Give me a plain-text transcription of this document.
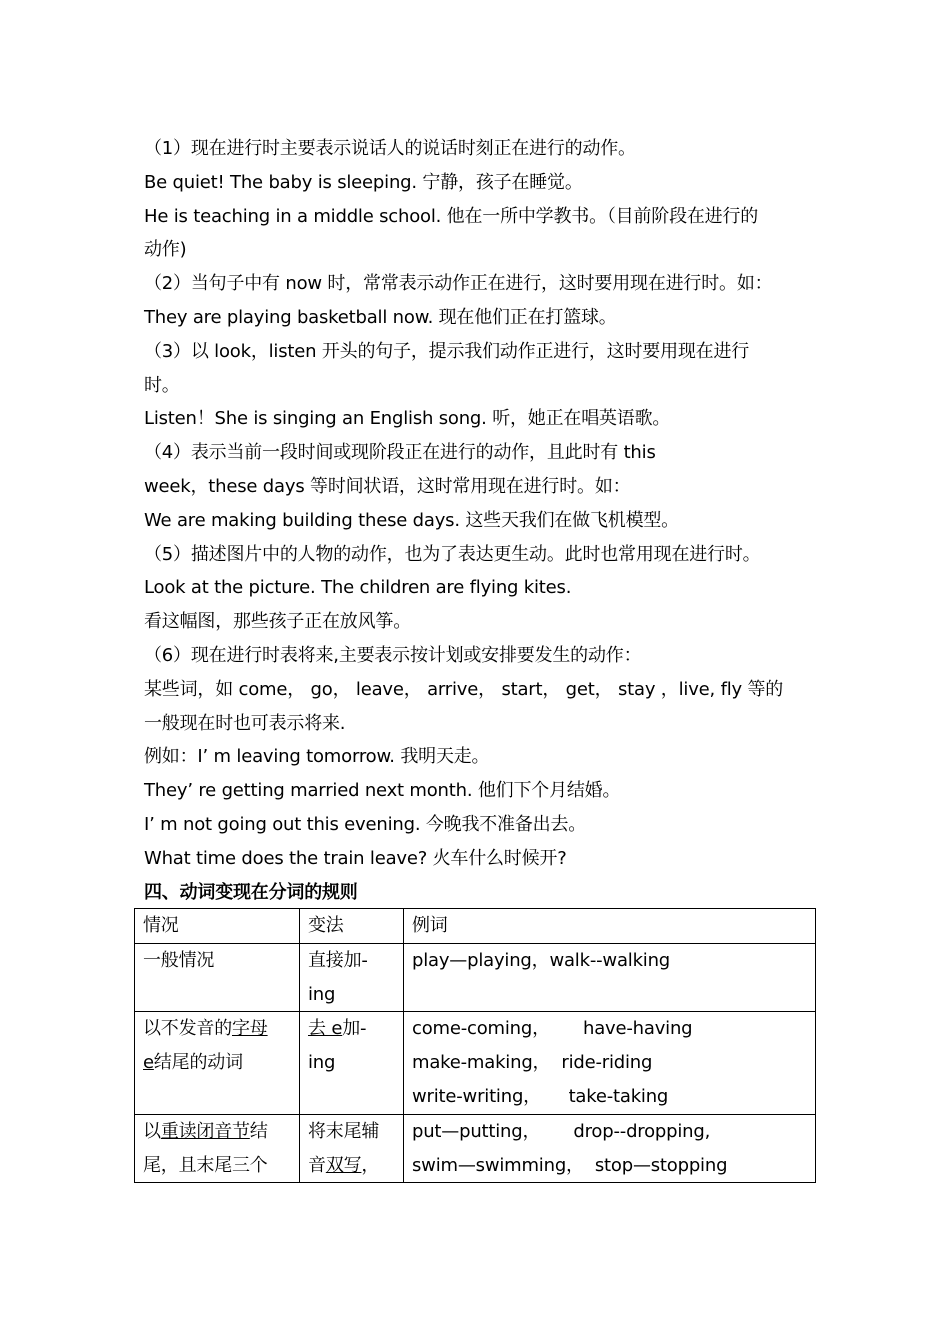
（1）现在进行时主要表示说话人的说话时刻正在进行的动作。
Be quiet! The baby is sleeping. 宁静，孩子在睡觉。
He is teaching in a middle school. 他在一所中学教书。（目前阶段在进行的
动作)
（2）当句子中有 now 时，常常表示动作正在进行，这时要用现在进行时。如：
They are playing basketball now. 现在他们正在打篮球。
（3）以 look，listen 开头的句子，提示我们动作正进行，这时要用现在进行
时。
Listen！She is singing an English song. 听，她正在唱英语歌。
（4）表示当前一段时间或现阶段正在进行的动作，且此时有 this
week，these days 等时间状语，这时常用现在进行时。如：
We are making building these days. 这些天我们在做飞机模型。
（5）描述图片中的人物的动作，也为了表达更生动。此时也常用现在进行时。
Look at the picture. The children are flying kites.
看这幅图，那些孩子正在放风筝。
（6）现在进行时表将来,主要表示按计划或安排要发生的动作：
某些词，如 come， go， leave， arrive， start， get， stay ，live, fly 等的
一般现在时也可表示将来.
例如：I’ m leaving tomorrow. 我明天走。
They’ re getting married next month. 他们下个月结婚。
I’ m not going out this evening. 今晚我不准备出去。
What time does the train leave? 火车什么时候开?
四、动词变现在分词的规则
情况	变法	例词
一般情况	直接加-
ing	play—playing，walk--walking

以不发音的字母
e结尾的动词	去 e加-
ing	come-coming，      have-having
make-making，  ride-riding
write-writing，     take-taking

以重读闭音节结
尾，且末尾三个	将末尾辅
音双写，	put—putting，      drop--dropping,
swim—swimming，  stop—stopping
